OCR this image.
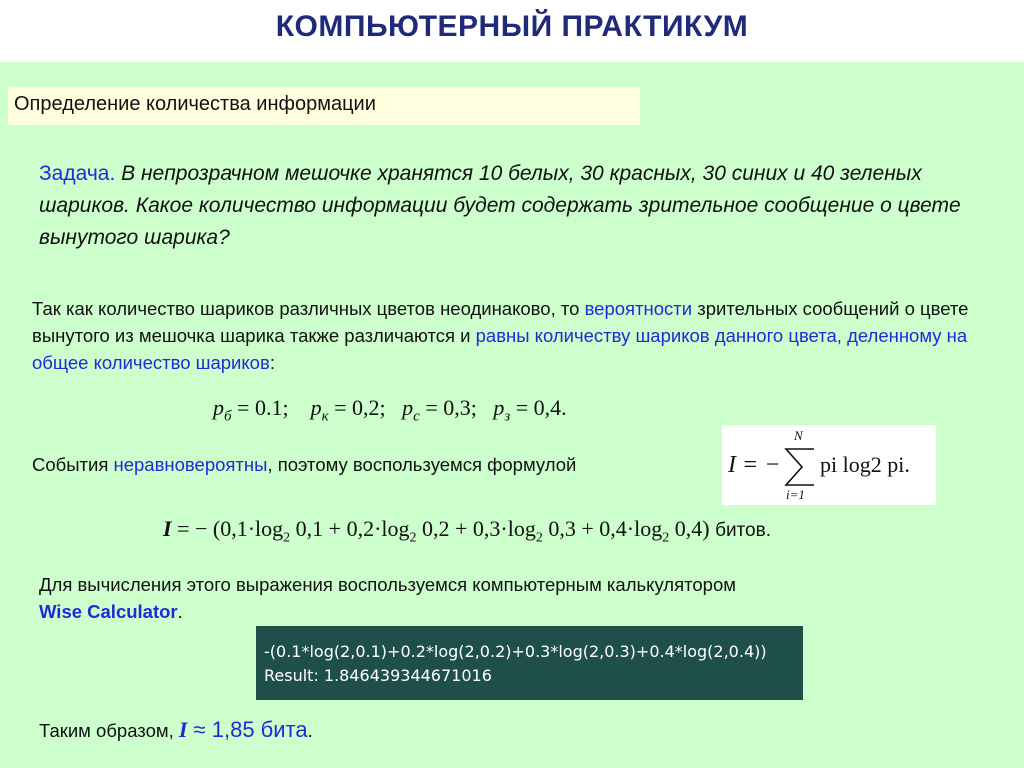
КОМПЬЮТЕРНЫЙ ПРАКТИКУМ
Определение количества информации
Задача. В непрозрачном мешочке хранятся 10 белых, 30 красных, 30 синих и 40 зеленых шариков. Какое количество информации будет содержать зрительное сообщение о цвете вынутого шарика?
Так как количество шариков различных цветов неодинаково, то вероятности зрительных сообщений о цвете вынутого из мешочка шарика также различаются и равны количеству шариков данного цвета, деленному на общее количество шариков:
$p_б = 0.1$; $p_к = 0,2$; $p_с = 0,3$; $p_з = 0,4$.
События неравновероятны, поэтому воспользуемся формулой	I = −
N
i=1
pi log2 pi.
I = − ($0,1\cdot\log_2$ $0,1 + 0,2\cdot\log_2$ $0,2 + 0,3\cdot\log_2$ $0,3 + 0,4\cdot\log_2$ 0,4) битов.
Для вычисления этого выражения воспользуемся компьютерным калькулятором
Wise Calculator.
-(0.1*log(2,0.1)+0.2*log(2,0.2)+0.3*log(2,0.3)+0.4*log(2,0.4))
Result: 1.846439344671016
Таким образом, I ≈ 1,85 бита.
